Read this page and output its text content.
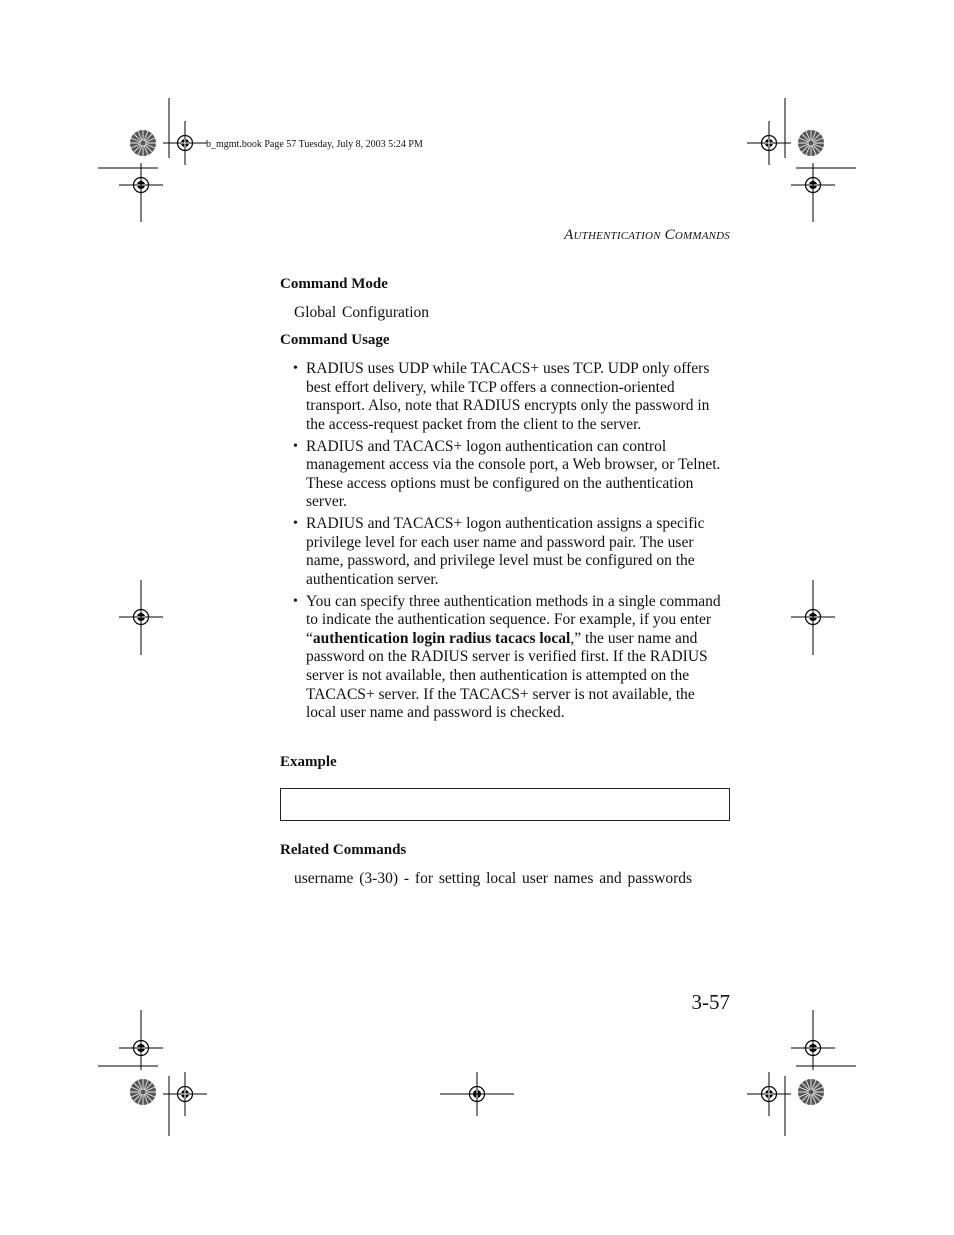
b_mgmt.book Page 57 Tuesday, July 8, 2003 5:24 PM
AUTHENTICATION COMMANDS
Command Mode
Global Configuration
Command Usage
• RADIUS uses UDP while TACACS+ uses TCP. UDP only offers best effort delivery, while TCP offers a connection-oriented transport. Also, note that RADIUS encrypts only the password in the access-request packet from the client to the server.
• RADIUS and TACACS+ logon authentication can control management access via the console port, a Web browser, or Telnet. These access options must be configured on the authentication server.
• RADIUS and TACACS+ logon authentication assigns a specific privilege level for each user name and password pair. The user name, password, and privilege level must be configured on the authentication server.
• You can specify three authentication methods in a single command to indicate the authentication sequence. For example, if you enter “authentication login radius tacacs local,” the user name and password on the RADIUS server is verified first. If the RADIUS server is not available, then authentication is attempted on the TACACS+ server. If the TACACS+ server is not available, the local user name and password is checked.
Example
Related Commands
username (3-30) - for setting local user names and passwords
3-57
